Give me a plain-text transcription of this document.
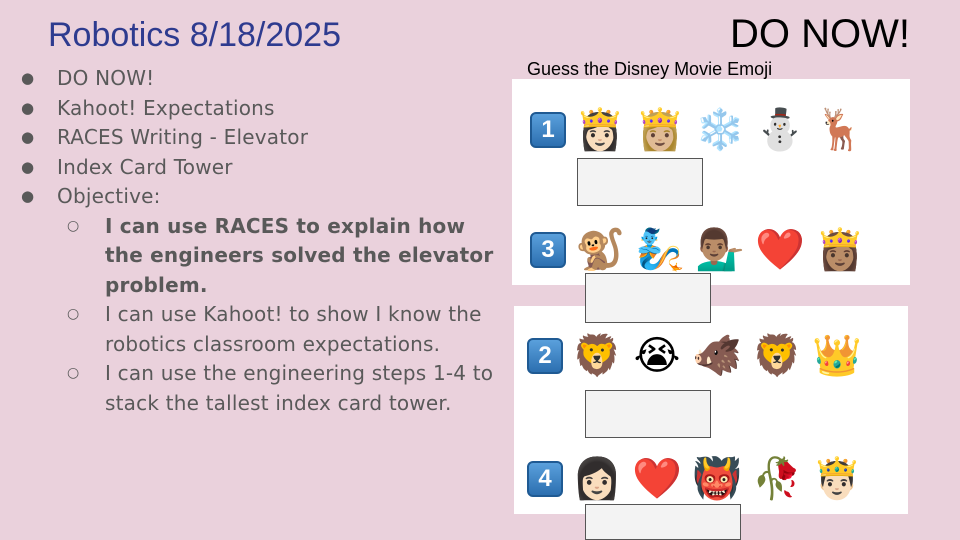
Robotics 8/18/2025	DO NOW!
● DO NOW!
● Kahoot! Expectations
● RACES Writing - Elevator
● Index Card Tower
● Objective:
○ I can use RACES to explain how the engineers solved the elevator problem.
○ I can use Kahoot! to show I know the robotics classroom expectations.
○ I can use the engineering steps 1-4 to stack the tallest index card tower.
Guess the Disney Movie Emoji
1 👸🏻 👸🏼 ❄️ ⛄ 🦌
3 🐒 🧞 💁🏽‍♂️ ❤️ 👸🏽
2 🦁 😭 🐗 🦁 👑
4 👩🏻 ❤️ 👹 🥀 🤴🏻
